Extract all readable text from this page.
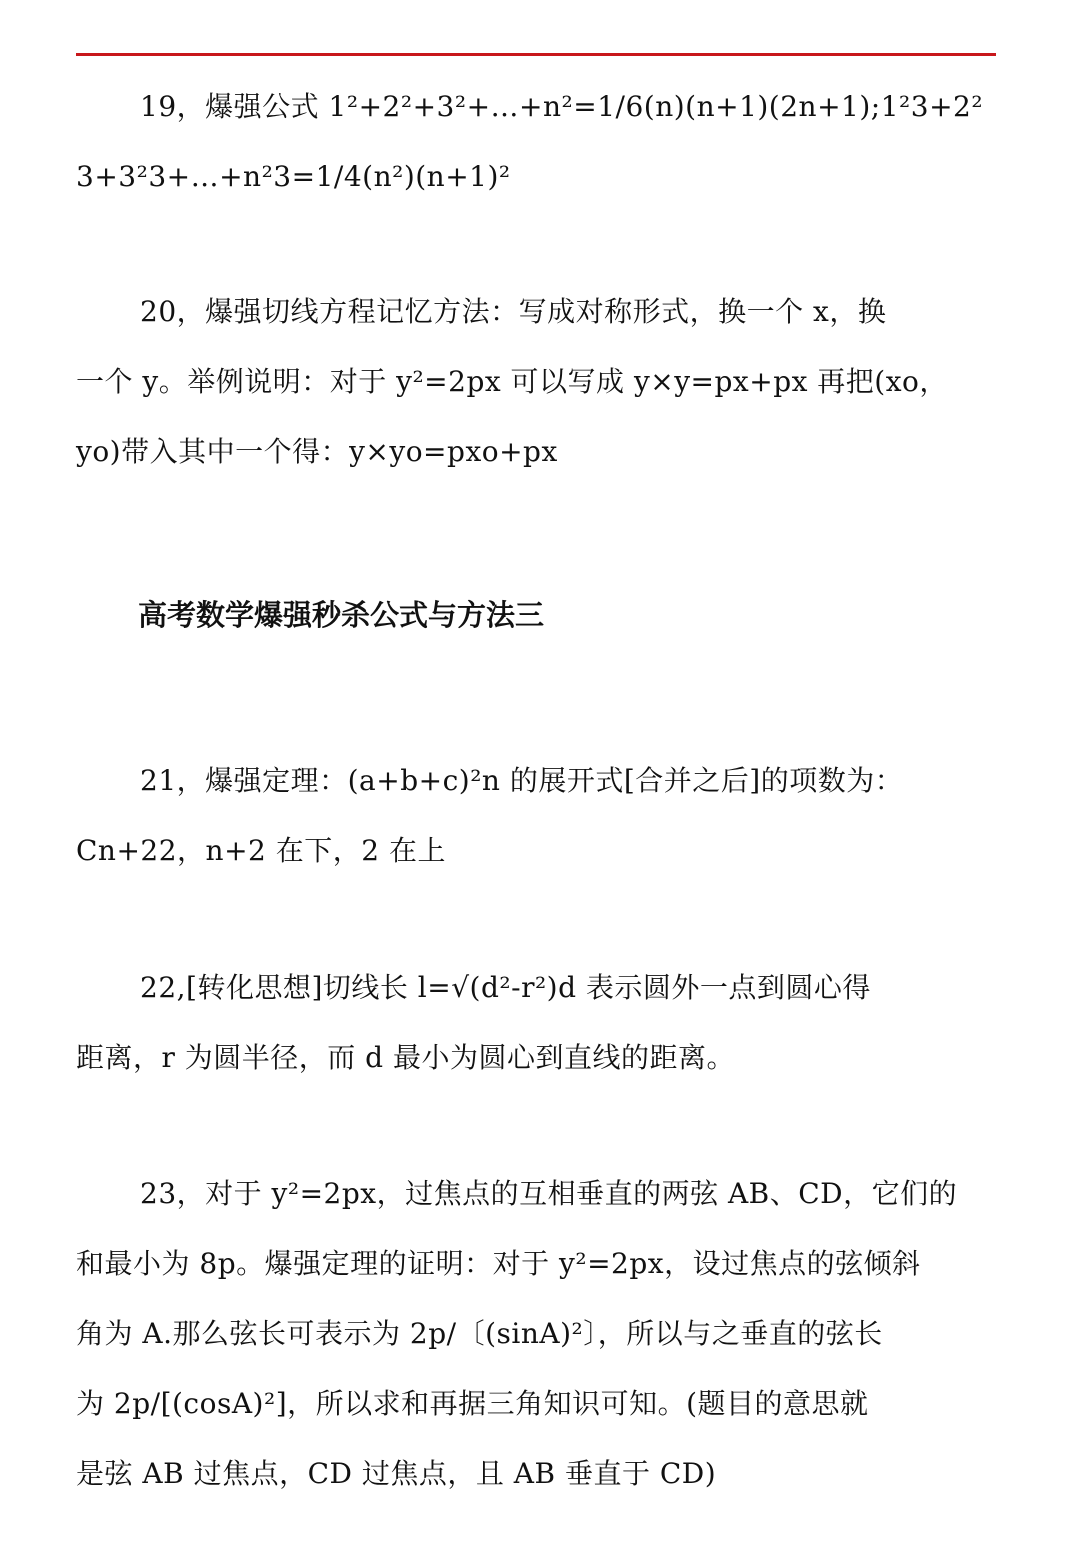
19，爆强公式 1²+2²+3²+…+n²=1/6(n)(n+1)(2n+1);1²3+2²
3+3²3+…+n²3=1/4(n²)(n+1)²
20，爆强切线方程记忆方法：写成对称形式，换一个 x，换
一个 y。举例说明：对于 y²=2px 可以写成 y×y=px+px 再把(xo，
yo)带入其中一个得：y×yo=pxo+px
高考数学爆强秒杀公式与方法三
21，爆强定理：(a+b+c)²n 的展开式[合并之后]的项数为：
Cn+22，n+2 在下，2 在上
22,[转化思想]切线长 l=√(d²-r²)d 表示圆外一点到圆心得
距离，r 为圆半径，而 d 最小为圆心到直线的距离。
23，对于 y²=2px，过焦点的互相垂直的两弦 AB、CD，它们的
和最小为 8p。爆强定理的证明：对于 y²=2px，设过焦点的弦倾斜
角为 A.那么弦长可表示为 2p/〔(sinA)²〕，所以与之垂直的弦长
为 2p/[(cosA)²]，所以求和再据三角知识可知。(题目的意思就
是弦 AB 过焦点，CD 过焦点，且 AB 垂直于 CD)
